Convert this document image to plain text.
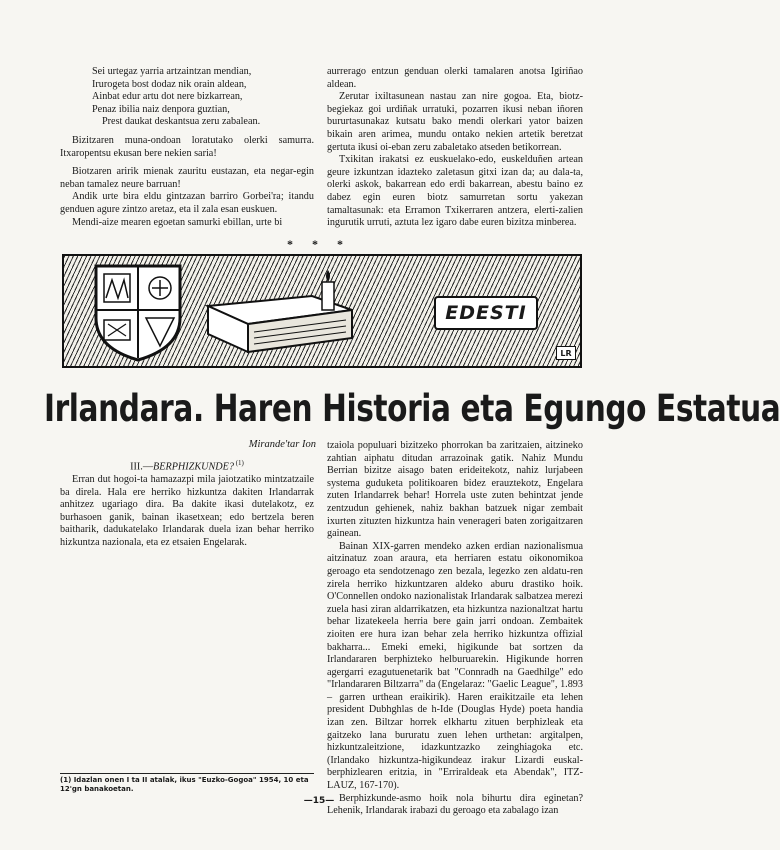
Sei urtegaz yarria artzaintzan mendian,
Irurogeta bost dodaz nik orain aldean,
Ainbat edur artu dot nere bizkarrean,
Penaz ibilia naiz denpora guztian,
Prest daukat deskantsua zeru zabalean.

Bizitzaren muna-ondoan loratutako olerki samurra. Itxaropentsu ekusan bere nekien saria!

Biotzaren aririk mienak zauritu eustazan, eta negar-egin neban tamalez neure barruan!

Andik urte bira eldu gintzazan barriro Gorbei'ra; itandu genduen agure zintzo aretaz, eta il zala esan euskuen.

Mendi-aize mearen egoetan samurki ebillan, urte bi

aurrerago entzun genduan olerki tamalaren anotsa Igiriñao aldean.

Zerutar ixiltasunean nastau zan nire gogoa. Eta, biotz-begiekaz goi urdiñak urratuki, pozarren ikusi neban iñoren bururtasunakaz kutsatu bako mendi olerkari yator baizen bikain aren arimea, mundu ontako nekien artetik beretzat gertuta ikusi oi-eban zeru zabaletako atseden betikorrean.

Txikitan irakatsi ez euskuelako-edo, euskelduñen artean geure izkuntzan idazteko zaletasun gitxi izan da; au dala-ta, olerki askok, bakarrean edo erdi bakarrean, abestu baino ez dabez egin euren biotz samurretan sortu yakezan tamaltasunak: eta Erramon Txikerraren antzera, elerti-zalien ingurutik urruti, aztuta lez igaro dabe euren bizitza minberea.

* * *
EDESTI
LR
Irlandara. Haren Historia eta Egungo Estatua
Mirande'tar Ion

III.—BERPHIZKUNDE? $^{(1)}$

Erran dut hogoi-ta hamazazpi mila jaiotzatiko mintzatzaile ba direla. Hala ere herriko hizkuntza dakiten Irlandarrak anhitzez ugariago dira. Ba dakite ikasi dutelakotz, ez burhasoen ganik, bainan ikasetxean; edo bertzela beren baitharik, dadukatelako Irlandarak duela izan behar herriko hizkuntza nazionala, eta ez etsaien Engelarak.

tzaiola populuari bizitzeko phorrokan ba zaritzaien, aitzineko zahtian aiphatu ditudan arrazoinak gatik. Nahiz Mundu Berrian bizitze aisago baten erideitekotz, nahiz lurjabeen systema guduketa politikoaren bidez erauztekotz, Engelara zuten Irlandarrek behar! Horrela uste zuten behintzat jende zentzudun gehienek, nahiz bakhan batzuek nigar zembait ixurten zituzten hizkuntza hain venerageri baten zorigaitzaren gainean.

Bainan XIX-garren mendeko azken erdian nazionalismua aitzinatuz zoan araura, eta herriaren estatu oikonomikoa geroago eta sendotzenago zen bezala, legezko zen aldatu-ren zirela herriko hizkuntzaren aldeko aburu drastiko hoik. O'Connellen ondoko nazionalistak Irlandarak salbatzea merezi zuela hasi ziran aldarrikatzen, eta hizkuntza nazionaltzat hartu behar lizatekeela herria bere gain jarri ondoan. Zembaitek zioiten ere hura izan behar zela herriko hizkuntza offizial bakharra... Emeki emeki, higikunde bat sortzen da Irlandararen berphizteko helburuarekin. Higikunde horren agergarri ezagutuenetarik bat "Connradh na Gaedhilge" edo "Irlandararen Biltzarra" da (Engelaraz: "Gaelic League", 1.893 – garren urthean eraikirik). Haren eraikitzaile eta lehen president Dubhghlas de h-Ide (Douglas Hyde) poeta handia izan zen. Biltzar horrek elkhartu zituen berphizleak eta gaitzeko lana bururatu zuen lehen urthetan: argitalpen, hizkuntzaleitzione, idazkuntzazko zeinghiagoka etc. (Irlandako hizkuntza-higikundeaz irakur Lizardi euskal-berphizlearen eritzia, in "Erriraldeak eta Abendak", ITZ-LAUZ, 167-170).

Berphizkunde-asmo hoik nola bihurtu dira eginetan? Lehenik, Irlandarak irabazi du geroago eta zabalago izan

(1) Idazlan onen I ta II atalak, ikus "Euzko-Gogoa" 1954, 10 eta 12'gn banakoetan.
—15—
